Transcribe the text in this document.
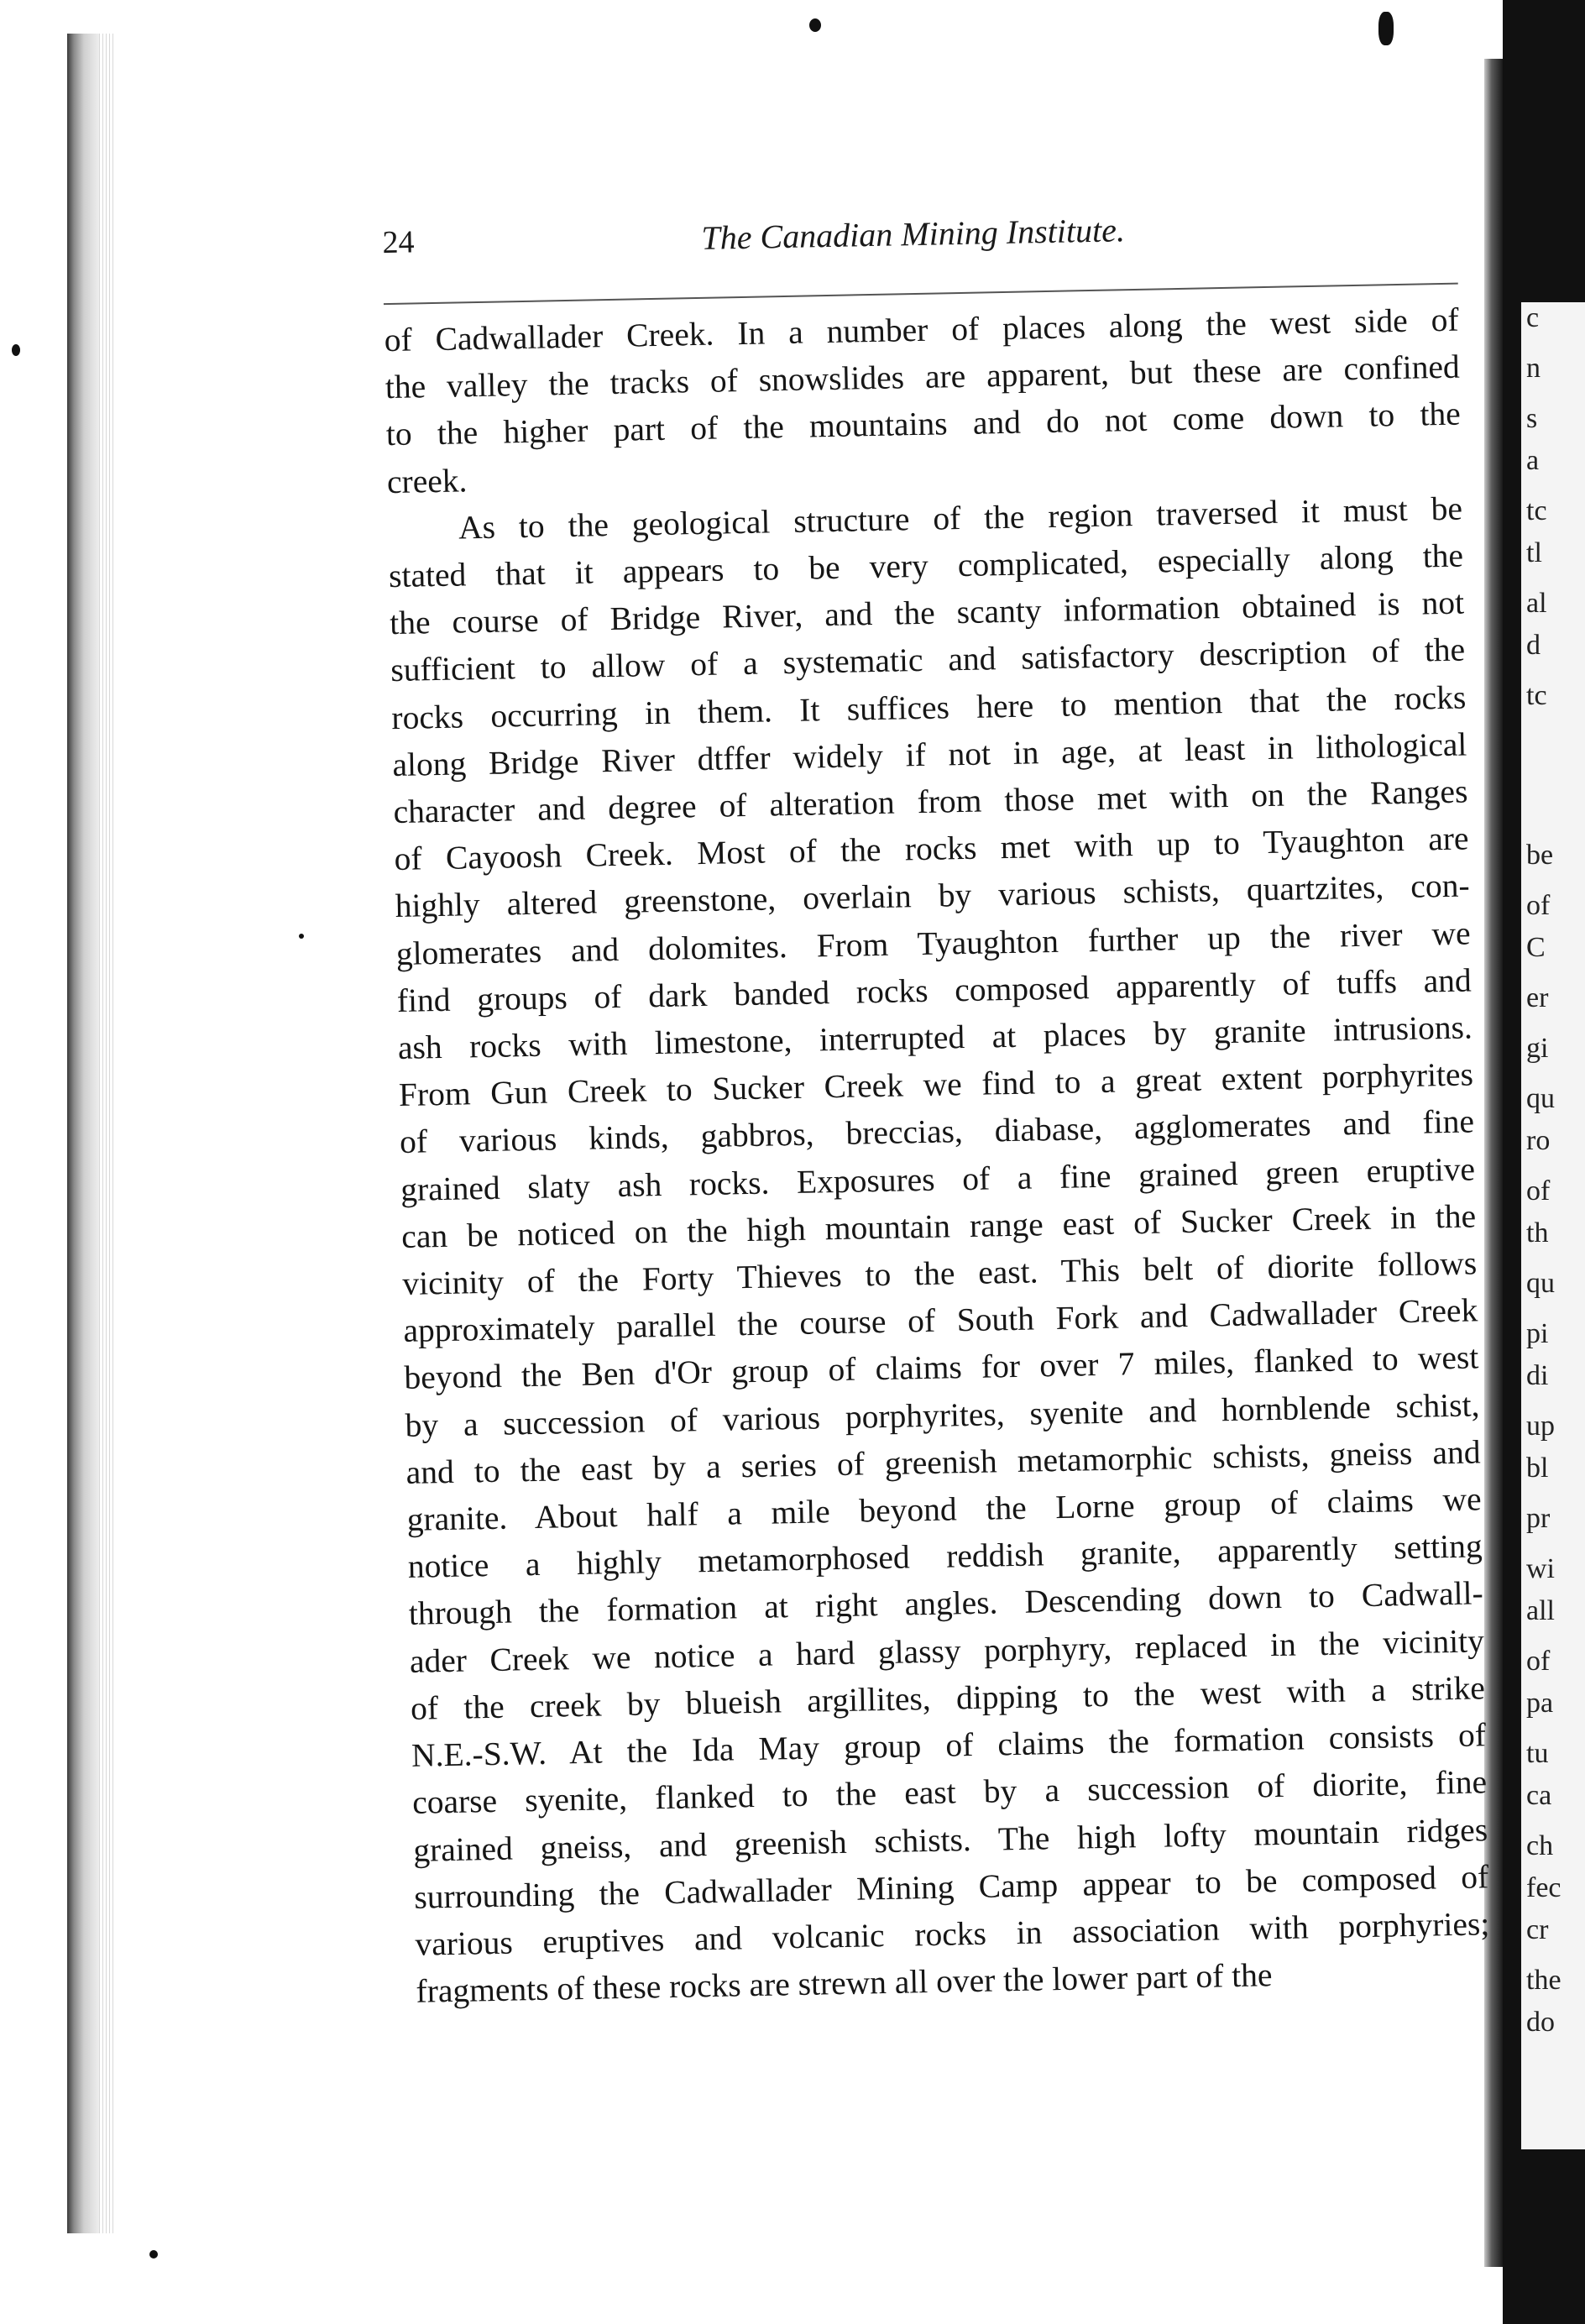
c
n
s
a
tc
tl
al
d
tc
be
of
C
er
gi
qu
ro
of
th
qu
pi
di
up
bl
pr
wi
all
of
pa
tu
ca
ch
fec
cr
the
do
24	The Canadian Mining Institute.
of Cadwallader Creek. In a number of places along the west side of
the valley the tracks of snowslides are apparent, but these are confined
to the higher part of the mountains and do not come down to the
creek.
As to the geological structure of the region traversed it must be
stated that it appears to be very complicated, especially along the
the course of Bridge River, and the scanty information obtained is not
sufficient to allow of a systematic and satisfactory description of the
rocks occurring in them. It suffices here to mention that the rocks
along Bridge River dtffer widely if not in age, at least in lithological
character and degree of alteration from those met with on the Ranges
of Cayoosh Creek. Most of the rocks met with up to Tyaughton are
highly altered greenstone, overlain by various schists, quartzites, con-
glomerates and dolomites. From Tyaughton further up the river we
find groups of dark banded rocks composed apparently of tuffs and
ash rocks with limestone, interrupted at places by granite intrusions.
From Gun Creek to Sucker Creek we find to a great extent porphyrites
of various kinds, gabbros, breccias, diabase, agglomerates and fine
grained slaty ash rocks. Exposures of a fine grained green eruptive
can be noticed on the high mountain range east of Sucker Creek in the
vicinity of the Forty Thieves to the east. This belt of diorite follows
approximately parallel the course of South Fork and Cadwallader Creek
beyond the Ben d'Or group of claims for over 7 miles, flanked to west
by a succession of various porphyrites, syenite and hornblende schist,
and to the east by a series of greenish metamorphic schists, gneiss and
granite. About half a mile beyond the Lorne group of claims we
notice a highly metamorphosed reddish granite, apparently setting
through the formation at right angles. Descending down to Cadwall-
ader Creek we notice a hard glassy porphyry, replaced in the vicinity
of the creek by blueish argillites, dipping to the west with a strike
N.E.-S.W. At the Ida May group of claims the formation consists of
coarse syenite, flanked to the east by a succession of diorite, fine
grained gneiss, and greenish schists. The high lofty mountain ridges
surrounding the Cadwallader Mining Camp appear to be composed of
various eruptives and volcanic rocks in association with porphyries;
fragments of these rocks are strewn all over the lower part of the
